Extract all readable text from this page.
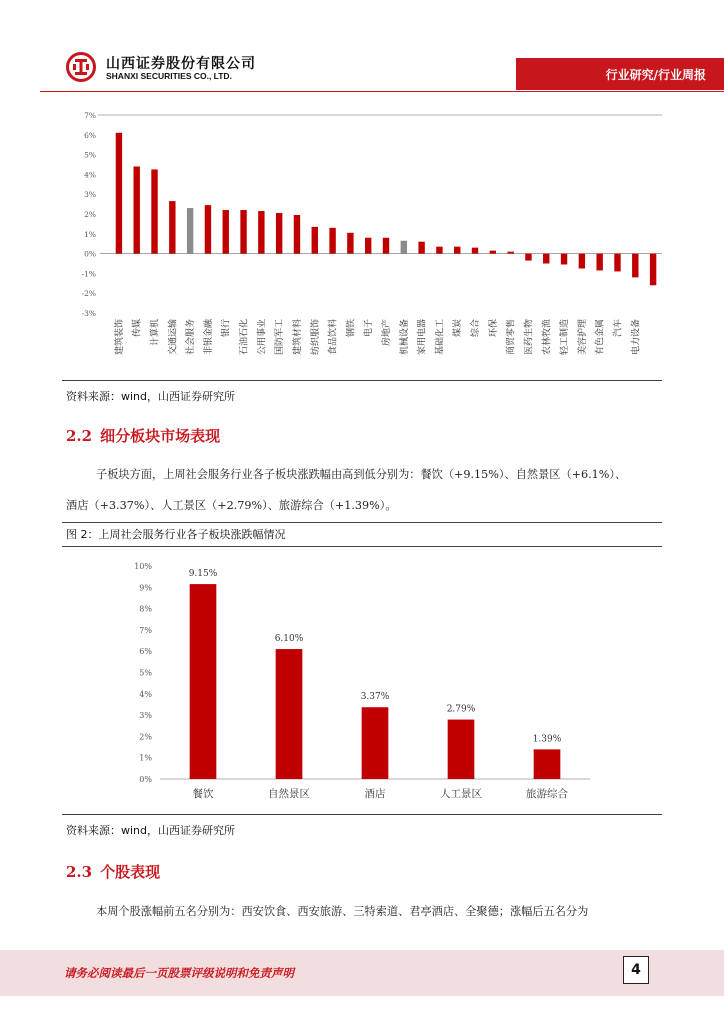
山西证券股份有限公司
SHANXI SECURITIES CO., LTD.	行业研究/行业周报
7%
6%
5%
4%
3%
2%
1%
0%
-1%
-2%
-3%
建筑装饰 传媒 计算机 交通运输 社会服务 非银金融 银行 石油石化 公用事业 国防军工 建筑材料 纺织服饰 食品饮料 钢铁 电子 房地产 机械设备 家用电器 基础化工 煤炭 综合 环保 商贸零售 医药生物 农林牧渔 轻工制造 美容护理 有色金属 汽车 电力设备
资料来源：wind，山西证券研究所
2.2 细分板块市场表现
子板块方面，上周社会服务行业各子板块涨跌幅由高到低分别为：餐饮（+9.15%）、自然景区（+6.1%）、
酒店（+3.37%）、人工景区（+2.79%）、旅游综合（+1.39%）。
图 2：上周社会服务行业各子板块涨跌幅情况
10%
9%
8%
7%
6%
5%
4%
3%
2%
1%
0%
9.15%
餐饮
6.10%
自然景区
3.37%
酒店
2.79%
人工景区
1.39%
旅游综合
资料来源：wind，山西证券研究所
2.3 个股表现
本周个股涨幅前五名分别为：西安饮食、西安旅游、三特索道、君亭酒店、全聚德；涨幅后五名分为
请务必阅读最后一页股票评级说明和免责声明	4
